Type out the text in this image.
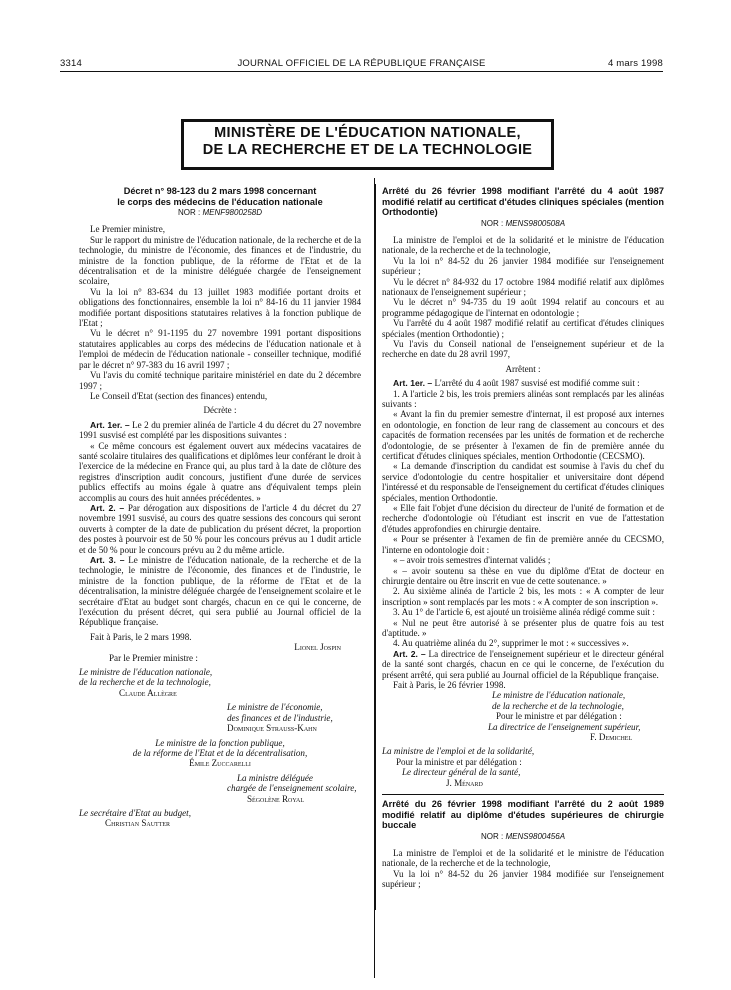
3314	JOURNAL OFFICIEL DE LA RÉPUBLIQUE FRANÇAISE	4 mars 1998
MINISTÈRE DE L'ÉDUCATION NATIONALE,
DE LA RECHERCHE ET DE LA TECHNOLOGIE
Décret n° 98-123 du 2 mars 1998 concernant
le corps des médecins de l'éducation nationale
NOR : MENF9800258D

Le Premier ministre,

Sur le rapport du ministre de l'éducation nationale, de la recherche et de la technologie, du ministre de l'économie, des finances et de l'industrie, du ministre de la fonction publique, de la réforme de l'Etat et de la décentralisation et de la ministre déléguée chargée de l'enseignement scolaire,

Vu la loi n° 83-634 du 13 juillet 1983 modifiée portant droits et obligations des fonctionnaires, ensemble la loi n° 84-16 du 11 janvier 1984 modifiée portant dispositions statutaires relatives à la fonction publique de l'Etat ;

Vu le décret n° 91-1195 du 27 novembre 1991 portant dispositions statutaires applicables au corps des médecins de l'éducation nationale et à l'emploi de médecin de l'éducation nationale - conseiller technique, modifié par le décret n° 97-383 du 16 avril 1997 ;

Vu l'avis du comité technique paritaire ministériel en date du 2 décembre 1997 ;

Le Conseil d'Etat (section des finances) entendu,

Décrète :

Art. 1er. – Le 2 du premier alinéa de l'article 4 du décret du 27 novembre 1991 susvisé est complété par les dispositions suivantes :

« Ce même concours est également ouvert aux médecins vacataires de santé scolaire titulaires des qualifications et diplômes leur conférant le droit à l'exercice de la médecine en France qui, au plus tard à la date de clôture des registres d'inscription audit concours, justifient d'une durée de services publics effectifs au moins égale à quatre ans d'équivalent temps plein accomplis au cours des huit années précédentes. »

Art. 2. – Par dérogation aux dispositions de l'article 4 du décret du 27 novembre 1991 susvisé, au cours des quatre sessions des concours qui seront ouverts à compter de la date de publication du présent décret, la proportion des postes à pourvoir est de 50 % pour les concours prévus au 1 dudit article et de 50 % pour le concours prévu au 2 du même article.

Art. 3. – Le ministre de l'éducation nationale, de la recherche et de la technologie, le ministre de l'économie, des finances et de l'industrie, le ministre de la fonction publique, de la réforme de l'Etat et de la décentralisation, la ministre déléguée chargée de l'enseignement scolaire et le secrétaire d'Etat au budget sont chargés, chacun en ce qui le concerne, de l'exécution du présent décret, qui sera publié au Journal officiel de la République française.

Fait à Paris, le 2 mars 1998.

Lionel Jospin

Par le Premier ministre :

Le ministre de l'éducation nationale,
de la recherche et de la technologie,
Claude Allègre
Le ministre de l'économie,
des finances et de l'industrie,
Dominique Strauss-Kahn
Le ministre de la fonction publique,
de la réforme de l'Etat et de la décentralisation,
Émile Zuccarelli
La ministre déléguée
chargée de l'enseignement scolaire,
Ségolène Royal
Le secrétaire d'Etat au budget,
Christian Sautter
Arrêté du 26 février 1998 modifiant l'arrêté du 4 août 1987 modifié relatif au certificat d'études cliniques spéciales (mention Orthodontie)
NOR : MENS9800508A

La ministre de l'emploi et de la solidarité et le ministre de l'éducation nationale, de la recherche et de la technologie,

Vu la loi n° 84-52 du 26 janvier 1984 modifiée sur l'enseignement supérieur ;

Vu le décret n° 84-932 du 17 octobre 1984 modifié relatif aux diplômes nationaux de l'enseignement supérieur ;

Vu le décret n° 94-735 du 19 août 1994 relatif au concours et au programme pédagogique de l'internat en odontologie ;

Vu l'arrêté du 4 août 1987 modifié relatif au certificat d'études cliniques spéciales (mention Orthodontie) ;

Vu l'avis du Conseil national de l'enseignement supérieur et de la recherche en date du 28 avril 1997,

Arrêtent :

Art. 1er. – L'arrêté du 4 août 1987 susvisé est modifié comme suit :

1. A l'article 2 bis, les trois premiers alinéas sont remplacés par les alinéas suivants :

« Avant la fin du premier semestre d'internat, il est proposé aux internes en odontologie, en fonction de leur rang de classement au concours et des capacités de formation recensées par les unités de formation et de recherche d'odontologie, de se présenter à l'examen de fin de première année du certificat d'études cliniques spéciales, mention Orthodontie (CECSMO).

« La demande d'inscription du candidat est soumise à l'avis du chef du service d'odontologie du centre hospitalier et universitaire dont dépend l'intéressé et du responsable de l'enseignement du certificat d'études cliniques spéciales, mention Orthodontie.

« Elle fait l'objet d'une décision du directeur de l'unité de formation et de recherche d'odontologie où l'étudiant est inscrit en vue de l'attestation d'études approfondies en chirurgie dentaire.

« Pour se présenter à l'examen de fin de première année du CECSMO, l'interne en odontologie doit :

« – avoir trois semestres d'internat validés ;

« – avoir soutenu sa thèse en vue du diplôme d'Etat de docteur en chirurgie dentaire ou être inscrit en vue de cette soutenance. »

2. Au sixième alinéa de l'article 2 bis, les mots : « A compter de leur inscription » sont remplacés par les mots : « A compter de son inscription ».

3. Au 1° de l'article 6, est ajouté un troisième alinéa rédigé comme suit :

« Nul ne peut être autorisé à se présenter plus de quatre fois au test d'aptitude. »

4. Au quatrième alinéa du 2°, supprimer le mot : « successives ».

Art. 2. – La directrice de l'enseignement supérieur et le directeur général de la santé sont chargés, chacun en ce qui le concerne, de l'exécution du présent arrêté, qui sera publié au Journal officiel de la République française.

Fait à Paris, le 26 février 1998.

Le ministre de l'éducation nationale,
de la recherche et de la technologie,
Pour le ministre et par délégation :
La directrice de l'enseignement supérieur,
F. Demichel
La ministre de l'emploi et de la solidarité,
Pour la ministre et par délégation :
Le directeur général de la santé,
J. Ménard
Arrêté du 26 février 1998 modifiant l'arrêté du 2 août 1989 modifié relatif au diplôme d'études supérieures de chirurgie buccale
NOR : MENS9800456A

La ministre de l'emploi et de la solidarité et le ministre de l'éducation nationale, de la recherche et de la technologie,

Vu la loi n° 84-52 du 26 janvier 1984 modifiée sur l'enseignement supérieur ;
